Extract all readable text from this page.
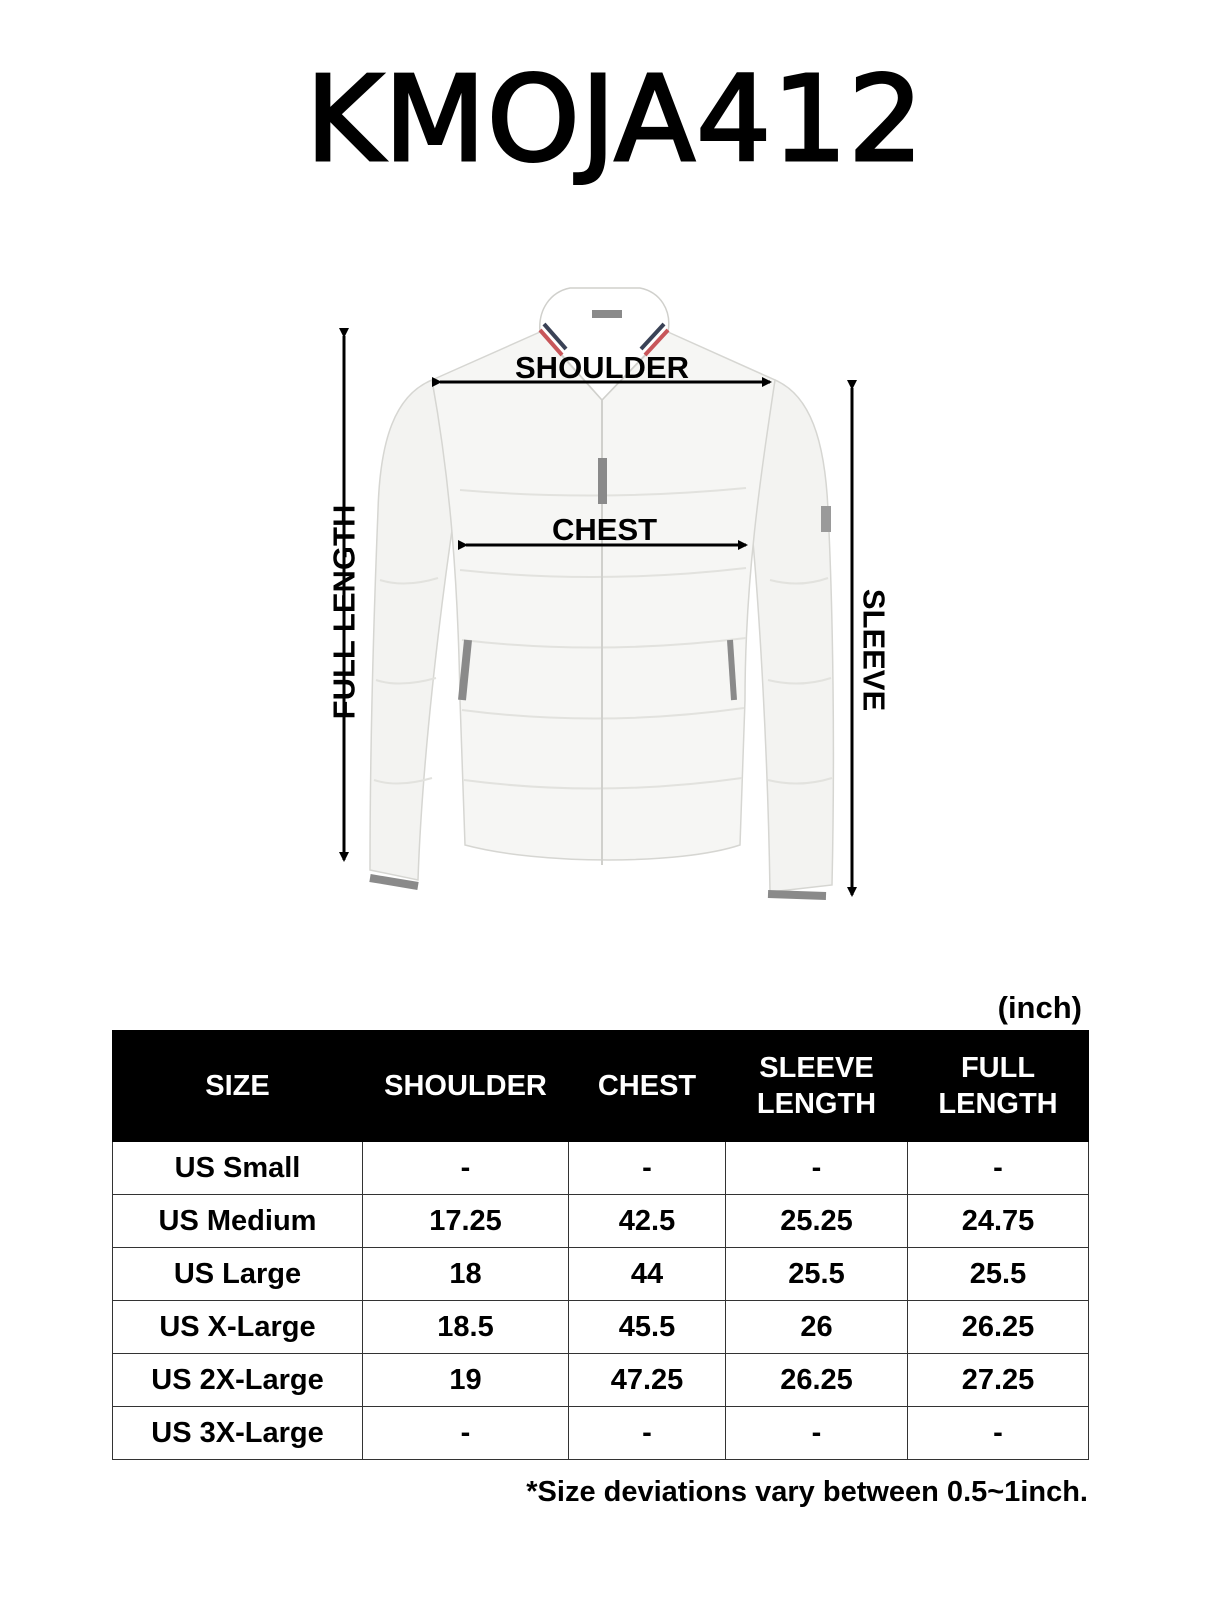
KMOJA412
SHOULDER
CHEST
FULL LENGTH	SLEEVE
(inch)
SIZE	SHOULDER	CHEST	SLEEVE LENGTH	FULL LENGTH
US Small	-	-	-	-
US Medium	17.25	42.5	25.25	24.75
US Large	18	44	25.5	25.5
US X-Large	18.5	45.5	26	26.25
US 2X-Large	19	47.25	26.25	27.25
US 3X-Large	-	-	-	-
*Size deviations vary between 0.5~1inch.
